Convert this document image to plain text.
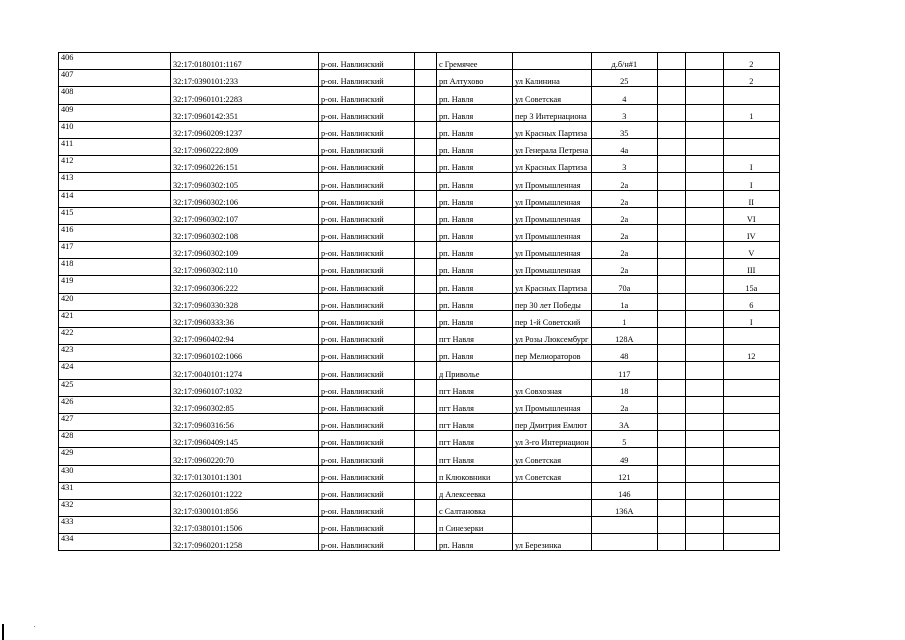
406	32:17:0180101:1167	р-он. Навлинский		с Гремячее		д.б/н#1			2
407	32:17:0390101:233	р-он. Навлинский		рп Алтухово	ул Калинина	25			2
408	32:17:0960101:2283	р-он. Навлинский		рп. Навля	ул Советская	4			
409	32:17:0960142:351	р-он. Навлинский		рп. Навля	пер 3 Интернациона	3			1
410	32:17:0960209:1237	р-он. Навлинский		рп. Навля	ул Красных Партиза	35			
411	32:17:0960222:809	р-он. Навлинский		рп. Навля	ул Генерала Петрена	4а			
412	32:17:0960226:151	р-он. Навлинский		рп. Навля	ул Красных Партиза	3			I
413	32:17:0960302:105	р-он. Навлинский		рп. Навля	ул Промышленная	2а			I
414	32:17:0960302:106	р-он. Навлинский		рп. Навля	ул Промышленная	2а			II
415	32:17:0960302:107	р-он. Навлинский		рп. Навля	ул Промышленная	2а			VI
416	32:17:0960302:108	р-он. Навлинский		рп. Навля	ул Промышленная	2а			IV
417	32:17:0960302:109	р-он. Навлинский		рп. Навля	ул Промышленная	2а			V
418	32:17:0960302:110	р-он. Навлинский		рп. Навля	ул Промышленная	2а			III
419	32:17:0960306:222	р-он. Навлинский		рп. Навля	ул Красных Партиза	70а			15а
420	32:17:0960330:328	р-он. Навлинский		рп. Навля	пер 30 лет Победы	1а			6
421	32:17:0960333:36	р-он. Навлинский		рп. Навля	пер 1-й Советский	1			I
422	32:17:0960402:94	р-он. Навлинский		пгт Навля	ул Розы Люксембург	128А			
423	32:17:0960102:1066	р-он. Навлинский		рп. Навля	пер Мелиораторов	48			12
424	32:17:0040101:1274	р-он. Навлинский		д Приволье		117			
425	32:17:0960107:1032	р-он. Навлинский		пгт Навля	ул Совхозная	18			
426	32:17:0960302:85	р-он. Навлинский		пгт Навля	ул Промышленная	2а			
427	32:17:0960316:56	р-он. Навлинский		пгт Навля	пер Дмитрия Емлют	3А			
428	32:17:0960409:145	р-он. Навлинский		пгт Навля	ул 3-го Интернацион	5			
429	32:17:0960220:70	р-он. Навлинский		пгт Навля	ул Советская	49			
430	32:17:0130101:1301	р-он. Навлинский		п Клюковники	ул Советская	121			
431	32:17:0260101:1222	р-он. Навлинский		д Алексеевка		146			
432	32:17:0300101:856	р-он. Навлинский		с Салтановка		136А			
433	32:17:0380101:1506	р-он. Навлинский		п Синезерки					
434	32:17:0960201:1258	р-он. Навлинский		рп. Навля	ул Березинка				
